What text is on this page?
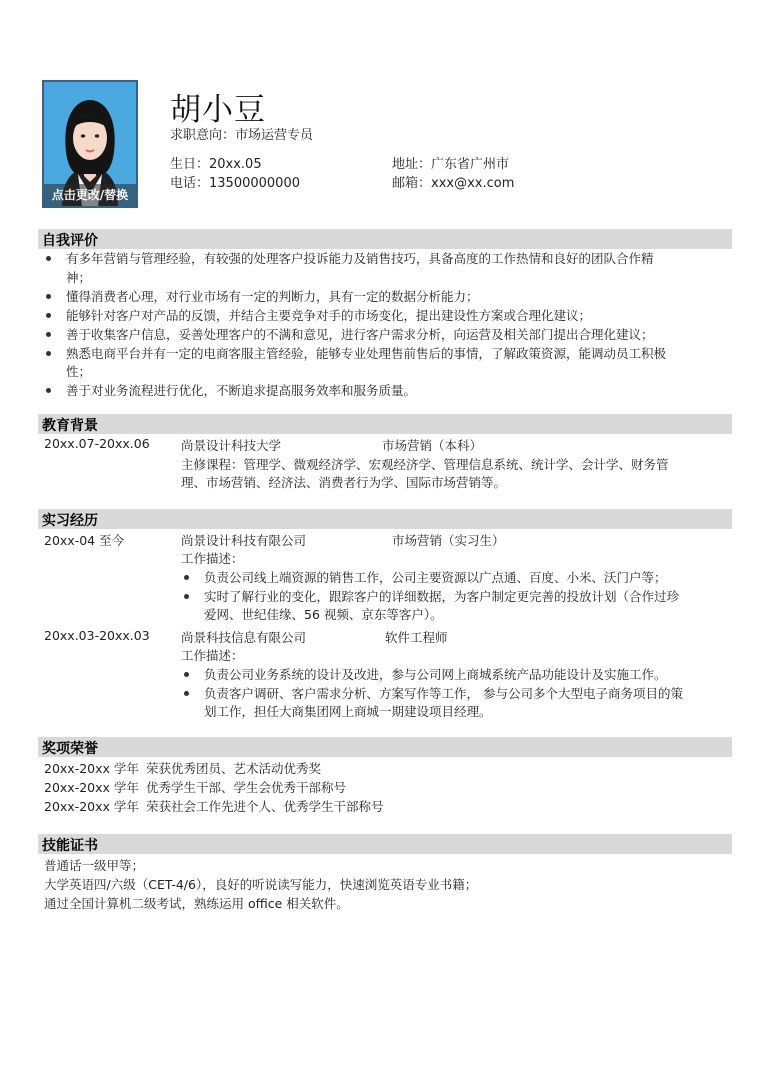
点击更改/替换
胡小豆
求职意向：市场运营专员
生日：20xx.05	地址：广东省广州市
电话：13500000000	邮箱：xxx@xx.com
自我评价
有多年营销与管理经验，有较强的处理客户投诉能力及销售技巧，具备高度的工作热情和良好的团队合作精
神；
懂得消费者心理，对行业市场有一定的判断力，具有一定的数据分析能力；
能够针对客户对产品的反馈，并结合主要竞争对手的市场变化，提出建设性方案或合理化建议；
善于收集客户信息，妥善处理客户的不满和意见，进行客户需求分析，向运营及相关部门提出合理化建议；
熟悉电商平台并有一定的电商客服主管经验，能够专业处理售前售后的事情，了解政策资源，能调动员工积极
性；
善于对业务流程进行优化，不断追求提高服务效率和服务质量。
教育背景
20xx.07-20xx.06	尚景设计科技大学	市场营销（本科）
主修课程：管理学、微观经济学、宏观经济学、管理信息系统、统计学、会计学、财务管
理、市场营销、经济法、消费者行为学、国际市场营销等。
实习经历
20xx-04 至今	尚景设计科技有限公司	市场营销（实习生）
工作描述：
负责公司线上端资源的销售工作，公司主要资源以广点通、百度、小米、沃门户等；
实时了解行业的变化，跟踪客户的详细数据，为客户制定更完善的投放计划（合作过珍
爱网、世纪佳缘、56 视频、京东等客户）。
20xx.03-20xx.03	尚景科技信息有限公司	软件工程师
工作描述：
负责公司业务系统的设计及改进，参与公司网上商城系统产品功能设计及实施工作。
负责客户调研、客户需求分析、方案写作等工作， 参与公司多个大型电子商务项目的策
划工作，担任大商集团网上商城一期建设项目经理。
奖项荣誉
20xx-20xx 学年 荣获优秀团员、艺术活动优秀奖
20xx-20xx 学年 优秀学生干部、学生会优秀干部称号
20xx-20xx 学年 荣获社会工作先进个人、优秀学生干部称号
技能证书
普通话一级甲等；
大学英语四/六级（CET-4/6），良好的听说读写能力，快速浏览英语专业书籍；
通过全国计算机二级考试，熟练运用 office 相关软件。
